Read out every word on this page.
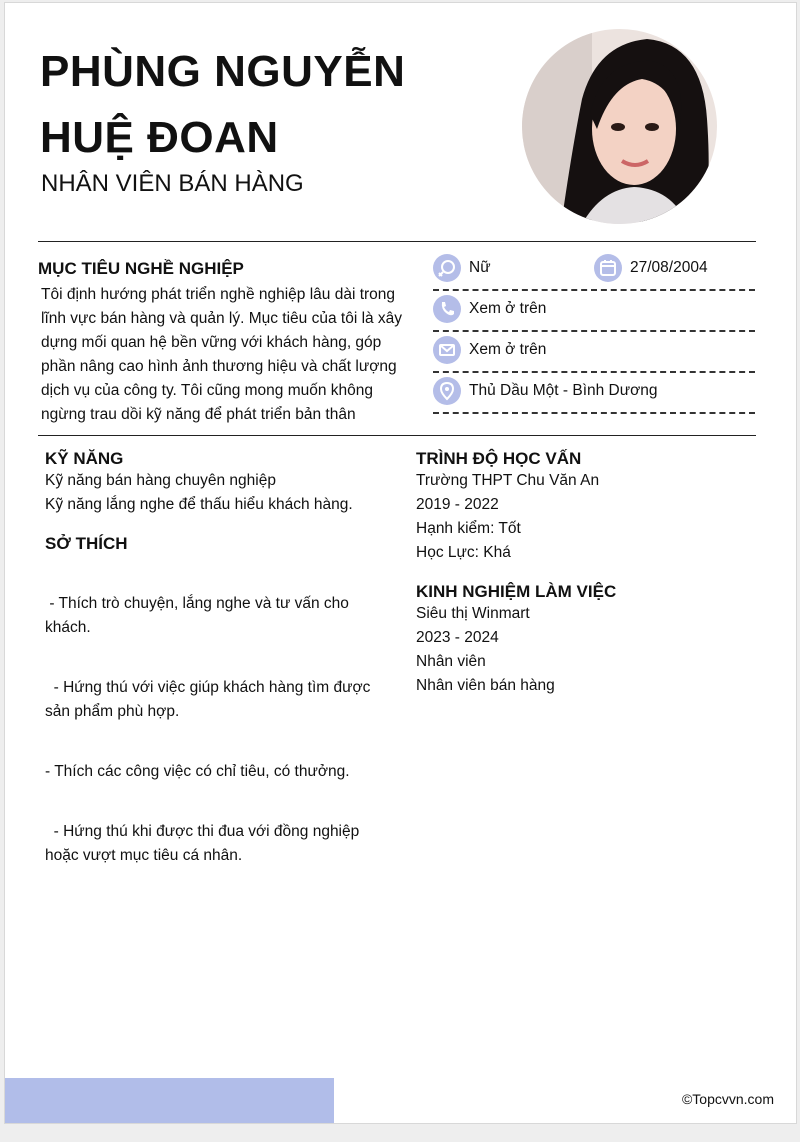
PHÙNG NGUYỄN
HUỆ ĐOAN

NHÂN VIÊN BÁN HÀNG

MỤC TIÊU NGHỀ NGHIỆP

Tôi định hướng phát triển nghề nghiệp lâu dài trong lĩnh vực bán hàng và quản lý. Mục tiêu của tôi là xây dựng mối quan hệ bền vững với khách hàng, góp phần nâng cao hình ảnh thương hiệu và chất lượng dịch vụ của công ty. Tôi cũng mong muốn không ngừng trau dồi kỹ năng để phát triển bản thân

Nữ	27/08/2004
Xem ở trên
Xem ở trên
Thủ Dầu Một - Bình Dương
KỸ NĂNG

Kỹ năng bán hàng chuyên nghiệp

Kỹ năng lắng nghe để thấu hiểu khách hàng.

SỞ THÍCH

- Thích trò chuyện, lắng nghe và tư vấn cho khách.

- Hứng thú với việc giúp khách hàng tìm được sản phẩm phù hợp.

- Thích các công việc có chỉ tiêu, có thưởng.

- Hứng thú khi được thi đua với đồng nghiệp hoặc vượt mục tiêu cá nhân.

TRÌNH ĐỘ HỌC VẤN

Trường THPT Chu Văn An

2019 - 2022

Hạnh kiểm: Tốt

Học Lực: Khá

KINH NGHIỆM LÀM VIỆC

Siêu thị Winmart

2023 - 2024

Nhân viên

Nhân viên bán hàng

©Topcvvn.com
